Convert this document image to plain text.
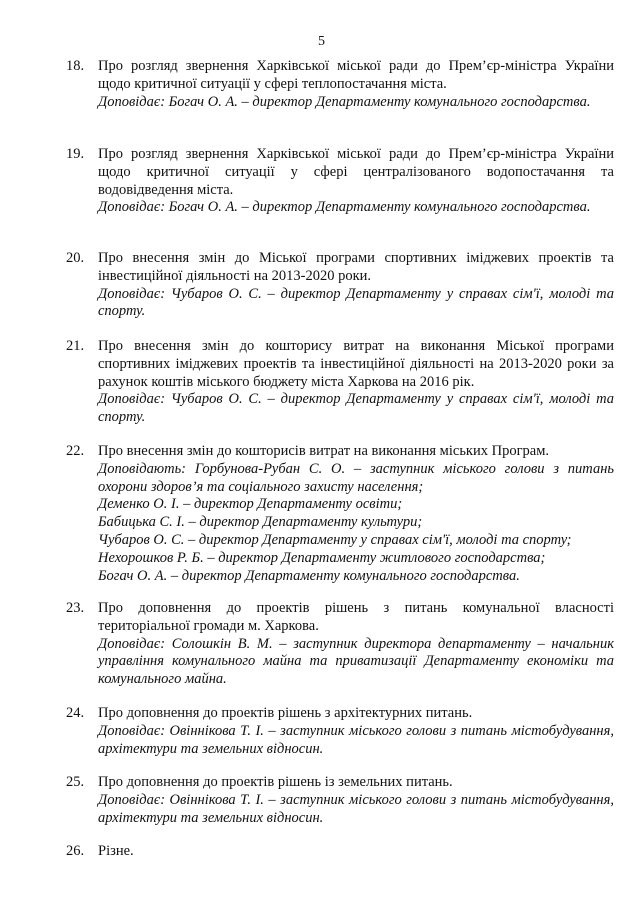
5
18. Про розгляд звернення Харківської міської ради до Прем’єр-міністра України щодо критичної ситуації у сфері теплопостачання міста.
Доповідає: Богач О. А. – директор Департаменту комунального господарства.
19. Про розгляд звернення Харківської міської ради до Прем’єр-міністра України щодо критичної ситуації у сфері централізованого водопостачання та водовідведення міста.
Доповідає: Богач О. А. – директор Департаменту комунального господарства.
20. Про внесення змін до Міської програми спортивних іміджевих проектів та інвестиційної діяльності на 2013-2020 роки.
Доповідає: Чубаров О. С. – директор Департаменту у справах сім'ї, молоді та спорту.
21. Про внесення змін до кошторису витрат на виконання Міської програми спортивних іміджевих проектів та інвестиційної діяльності на 2013-2020 роки за рахунок коштів міського бюджету міста Харкова на 2016 рік.
Доповідає: Чубаров О. С. – директор Департаменту у справах сім'ї, молоді та спорту.
22. Про внесення змін до кошторисів витрат на виконання міських Програм.
Доповідають: Горбунова-Рубан С. О. – заступник міського голови з питань охорони здоров’я та соціального захисту населення;
Деменко О. І. – директор Департаменту освіти;
Бабицька С. І. – директор Департаменту культури;
Чубаров О. С. – директор Департаменту у справах сім'ї, молоді та спорту;
Нехорошков Р. Б. – директор Департаменту житлового господарства;
Богач О. А. – директор Департаменту комунального господарства.
23. Про доповнення до проектів рішень з питань комунальної власності територіальної громади м. Харкова.
Доповідає: Солошкін В. М. – заступник директора департаменту – начальник управління комунального майна та приватизації Департаменту економіки та комунального майна.
24. Про доповнення до проектів рішень з архітектурних питань.
Доповідає: Овіннікова Т. І. – заступник міського голови з питань містобудування, архітектури та земельних відносин.
25. Про доповнення до проектів рішень із земельних питань.
Доповідає: Овіннікова Т. І. – заступник міського голови з питань містобудування, архітектури та земельних відносин.
26. Різне.
